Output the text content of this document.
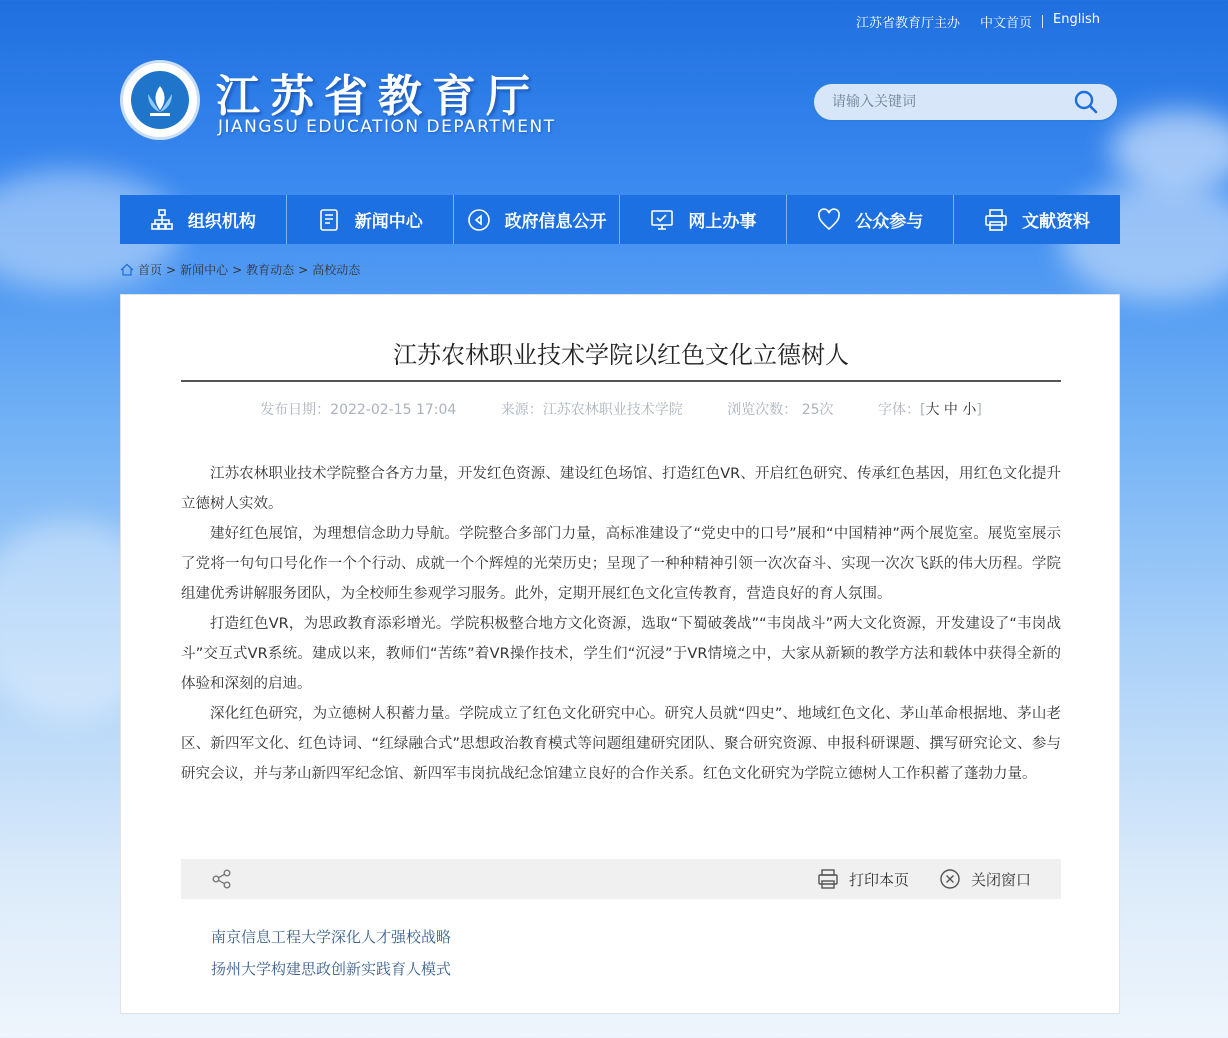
江苏省教育厅主办	中文首页	English
江苏省教育厅
JIANGSU EDUCATION DEPARTMENT
请输入关键词
组织机构	新闻中心	政府信息公开	网上办事	公众参与	文献资料
首页 > 新闻中心 > 教育动态 > 高校动态
江苏农林职业技术学院以红色文化立德树人
发布日期：2022-02-15 17:04	来源：江苏农林职业技术学院	浏览次数： 25次	字体：[大 中 小]

江苏农林职业技术学院整合各方力量，开发红色资源、建设红色场馆、打造红色VR、开启红色研究、传承红色基因，用红色文化提升立德树人实效。

建好红色展馆，为理想信念助力导航。学院整合多部门力量，高标准建设了“党史中的口号”展和“中国精神”两个展览室。展览室展示了党将一句句口号化作一个个行动、成就一个个辉煌的光荣历史；呈现了一种种精神引领一次次奋斗、实现一次次飞跃的伟大历程。学院组建优秀讲解服务团队，为全校师生参观学习服务。此外，定期开展红色文化宣传教育，营造良好的育人氛围。

打造红色VR，为思政教育添彩增光。学院积极整合地方文化资源，选取“下蜀破袭战”“韦岗战斗”两大文化资源，开发建设了“韦岗战斗”交互式VR系统。建成以来，教师们“苦练”着VR操作技术，学生们“沉浸”于VR情境之中，大家从新颖的教学方法和载体中获得全新的体验和深刻的启迪。

深化红色研究，为立德树人积蓄力量。学院成立了红色文化研究中心。研究人员就“四史”、地域红色文化、茅山革命根据地、茅山老区、新四军文化、红色诗词、“红绿融合式”思想政治教育模式等问题组建研究团队、聚合研究资源、申报科研课题、撰写研究论文、参与研究会议，并与茅山新四军纪念馆、新四军韦岗抗战纪念馆建立良好的合作关系。红色文化研究为学院立德树人工作积蓄了蓬勃力量。

打印本页	关闭窗口
南京信息工程大学深化人才强校战略
扬州大学构建思政创新实践育人模式
